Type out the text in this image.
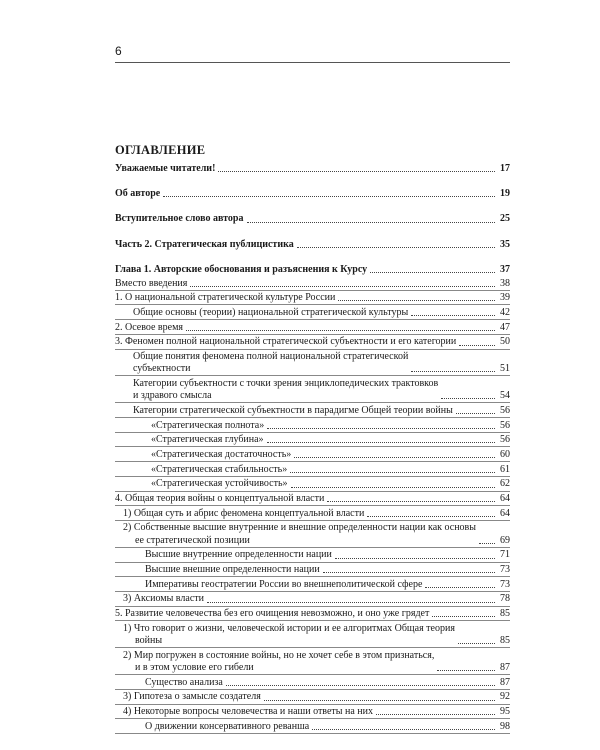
6
ОГЛАВЛЕНИЕ
Уважаемые читатели!	17
Об авторе	19
Вступительное слово автора	25
Часть 2. Стратегическая публицистика	35
Глава 1. Авторские обоснования и разъяснения к Курсу	37
Вместо введения	38
1. О национальной стратегической культуре России	39
Общие основы (теории) национальной стратегической культуры	42
2. Осевое время	47
3. Феномен полной национальной стратегической субъектности и его категории	50
Общие понятия феномена полной национальной стратегической
субъектности	51
Категории субъектности с точки зрения энциклопедических трактовков
и здравого смысла	54
Категории стратегической субъектности в парадигме Общей теории войны	56
«Стратегическая полнота»	56
«Стратегическая глубина»	56
«Стратегическая достаточность»	60
«Стратегическая стабильность»	61
«Стратегическая устойчивость»	62
4. Общая теория войны о концептуальной власти	64
1) Общая суть и абрис феномена концептуальной власти	64
2) Собственные высшие внутренние и внешние определенности нации как основы
ее стратегической позиции	69
Высшие внутренние определенности нации	71
Высшие внешние определенности нации	73
Императивы геостратегии России во внешнеполитической сфере	73
3) Аксиомы власти	78
5. Развитие человечества без его очищения невозможно, и оно уже грядет	85
1) Что говорит о жизни, человеческой истории и ее алгоритмах Общая теория
войны	85
2) Мир погружен в состояние войны, но не хочет себе в этом признаться,
и в этом условие его гибели	87
Существо анализа	87
3) Гипотеза о замысле создателя	92
4) Некоторые вопросы человечества и наши ответы на них	95
О движении консервативного реванша	98
